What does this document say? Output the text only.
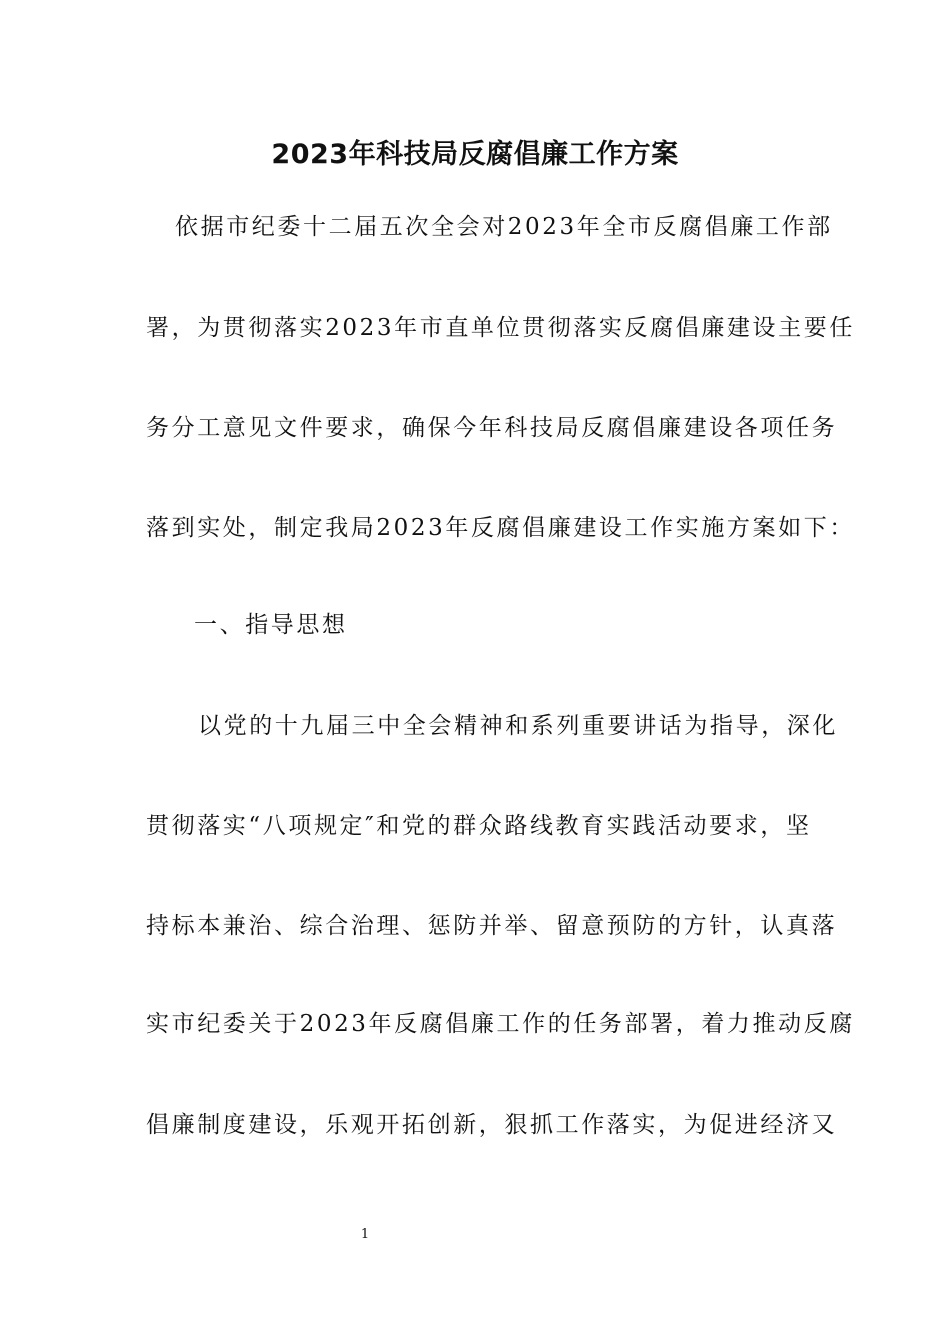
2023年科技局反腐倡廉工作方案

依据市纪委十二届五次全会对2023年全市反腐倡廉工作部

署，为贯彻落实2023年市直单位贯彻落实反腐倡廉建设主要任

务分工意见文件要求，确保今年科技局反腐倡廉建设各项任务

落到实处，制定我局2023年反腐倡廉建设工作实施方案如下：

一、指导思想

以党的十九届三中全会精神和系列重要讲话为指导，深化

贯彻落实“八项规定″和党的群众路线教育实践活动要求，坚

持标本兼治、综合治理、惩防并举、留意预防的方针，认真落

实市纪委关于2023年反腐倡廉工作的任务部署，着力推动反腐

倡廉制度建设，乐观开拓创新，狠抓工作落实，为促进经济又

1
